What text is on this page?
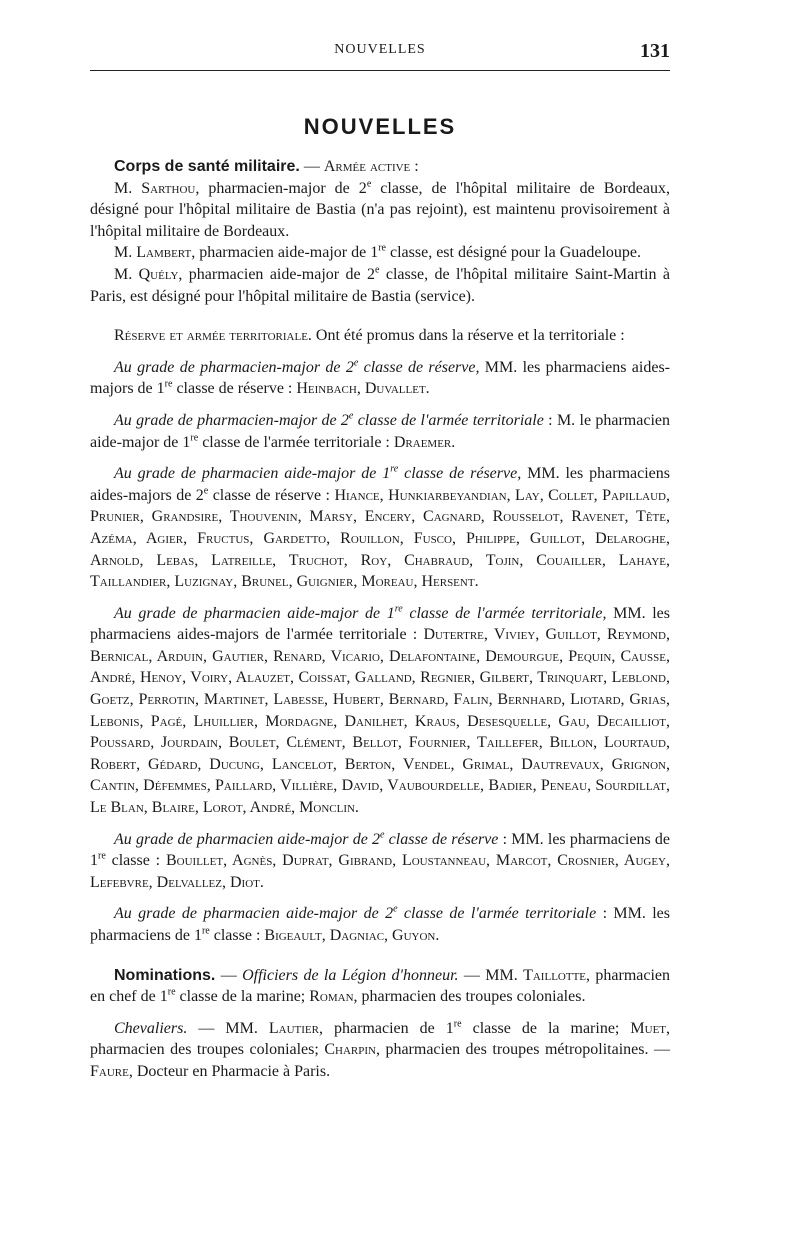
NOUVELLES	131
NOUVELLES

Corps de santé militaire. — Armée active :

M. Sarthou, pharmacien-major de 2e classe, de l'hôpital militaire de Bordeaux, désigné pour l'hôpital militaire de Bastia (n'a pas rejoint), est maintenu provisoirement à l'hôpital militaire de Bordeaux.

M. Lambert, pharmacien aide-major de 1re classe, est désigné pour la Guadeloupe.

M. Quély, pharmacien aide-major de 2e classe, de l'hôpital militaire Saint-Martin à Paris, est désigné pour l'hôpital militaire de Bastia (service).

Réserve et armée territoriale. Ont été promus dans la réserve et la territoriale :

Au grade de pharmacien-major de 2e classe de réserve, MM. les pharmaciens aides-majors de 1re classe de réserve : Heinbach, Duvallet.

Au grade de pharmacien-major de 2e classe de l'armée territoriale : M. le pharmacien aide-major de 1re classe de l'armée territoriale : Draemer.

Au grade de pharmacien aide-major de 1re classe de réserve, MM. les pharmaciens aides-majors de 2e classe de réserve : Hiance, Hunkiarbeyandian, Lay, Collet, Papillaud, Prunier, Grandsire, Thouvenin, Marsy, Encery, Cagnard, Rousselot, Ravenet, Tête, Azéma, Agier, Fructus, Gardetto, Rouillon, Fusco, Philippe, Guillot, Delaroghe, Arnold, Lebas, Latreille, Truchot, Roy, Chabraud, Tojin, Couailler, Lahaye, Taillandier, Luzignay, Brunel, Guignier, Moreau, Hersent.

Au grade de pharmacien aide-major de 1re classe de l'armée territoriale, MM. les pharmaciens aides-majors de l'armée territoriale : Dutertre, Viviey, Guillot, Reymond, Bernical, Arduin, Gautier, Renard, Vicario, Delafontaine, Demourgue, Pequin, Causse, André, Henoy, Voiry, Alauzet, Coissat, Galland, Regnier, Gilbert, Trinquart, Leblond, Goetz, Perrotin, Martinet, Labesse, Hubert, Bernard, Falin, Bernhard, Liotard, Grias, Lebonis, Pagé, Lhuillier, Mordagne, Danilhet, Kraus, Desesquelle, Gau, Decailliot, Poussard, Jourdain, Boulet, Clément, Bellot, Fournier, Taillefer, Billon, Lourtaud, Robert, Gédard, Ducung, Lancelot, Berton, Vendel, Grimal, Dautrevaux, Grignon, Cantin, Défemmes, Paillard, Villière, David, Vaubourdelle, Badier, Peneau, Sourdillat, Le Blan, Blaire, Lorot, André, Monclin.

Au grade de pharmacien aide-major de 2e classe de réserve : MM. les pharmaciens de 1re classe : Bouillet, Agnès, Duprat, Gibrand, Loustanneau, Marcot, Crosnier, Augey, Lefebvre, Delvallez, Diot.

Au grade de pharmacien aide-major de 2e classe de l'armée territoriale : MM. les pharmaciens de 1re classe : Bigeault, Dagniac, Guyon.

Nominations. — Officiers de la Légion d'honneur. — MM. Taillotte, pharmacien en chef de 1re classe de la marine; Roman, pharmacien des troupes coloniales.

Chevaliers. — MM. Lautier, pharmacien de 1re classe de la marine; Muet, pharmacien des troupes coloniales; Charpin, pharmacien des troupes métropolitaines. — Faure, Docteur en Pharmacie à Paris.
